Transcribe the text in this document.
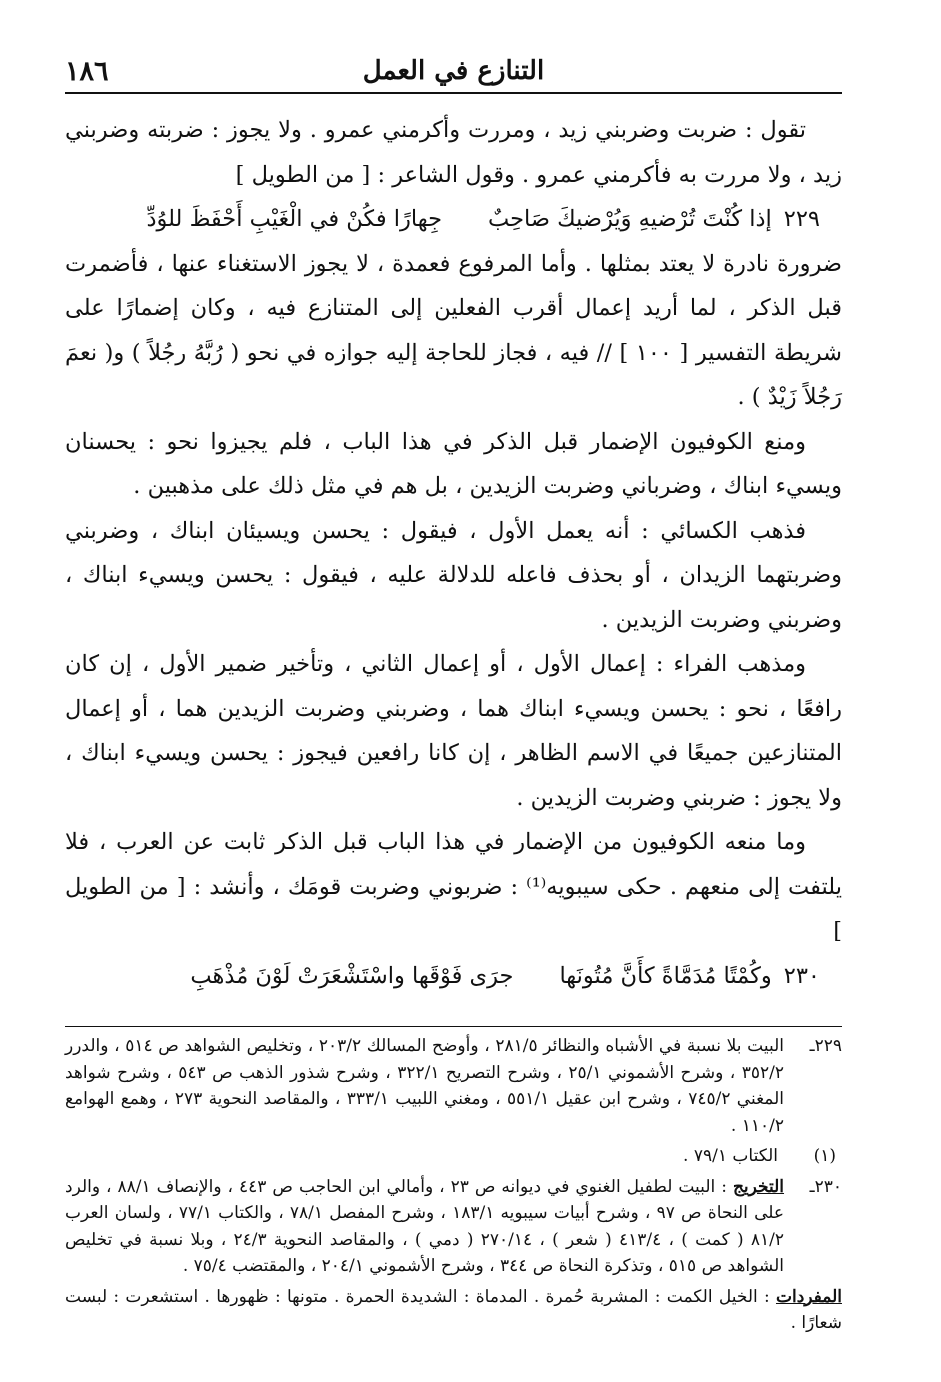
١٨٦	التنازع في العمل

تقول : ضربت وضربني زيد ، ومررت وأكرمني عمرو . ولا يجوز : ضربته وضربني زيد ، ولا مررت به فأكرمني عمرو . وقول الشاعر : [ من الطويل ]

٢٢٩
إذا كُنْتَ تُرْضيهِ وَيُرْضيكَ صَاحِبٌ
جِهارًا فكُنْ في الْغَيْبِ أَحْفَظَ للوُدِّ

ضرورة نادرة لا يعتد بمثلها . وأما المرفوع فعمدة ، لا يجوز الاستغناء عنها ، فأضمرت قبل الذكر ، لما أريد إعمال أقرب الفعلين إلى المتنازع فيه ، وكان إضمارًا على شريطة التفسير [ ١٠٠ ] // فيه ، فجاز للحاجة إليه جوازه في نحو ( رُبَّهُ رجُلاً ) و( نعمَ رَجُلاً زَيْدٌ ) .

ومنع الكوفيون الإضمار قبل الذكر في هذا الباب ، فلم يجيزوا نحو : يحسنان ويسيء ابناك ، وضرباني وضربت الزيدين ، بل هم في مثل ذلك على مذهبين .

فذهب الكسائي : أنه يعمل الأول ، فيقول : يحسن ويسيئان ابناك ، وضربني وضربتهما الزيدان ، أو بحذف فاعله للدلالة عليه ، فيقول : يحسن ويسيء ابناك ، وضربني وضربت الزيدين .

ومذهب الفراء : إعمال الأول ، أو إعمال الثاني ، وتأخير ضمير الأول ، إن كان رافعًا ، نحو : يحسن ويسيء ابناك هما ، وضربني وضربت الزيدين هما ، أو إعمال المتنازعين جميعًا في الاسم الظاهر ، إن كانا رافعين فيجوز : يحسن ويسيء ابناك ، ولا يجوز : ضربني وضربت الزيدين .

وما منعه الكوفيون من الإضمار في هذا الباب قبل الذكر ثابت عن العرب ، فلا يلتفت إلى منعهم . حكى سيبويه⁽¹⁾ : ضربوني وضربت قومَك ، وأنشد : [ من الطويل ]

٢٣٠
وكُمْتًا مُدَمَّاةً كأَنَّ مُتُونَها
جرَى فَوْقَها واسْتَشْعَرَتْ لَوْنَ مُذْهَبِ
٢٢٩ـ
البيت بلا نسبة في الأشباه والنظائر ٢٨١/٥ ، وأوضح المسالك ٢٠٣/٢ ، وتخليص الشواهد ص ٥١٤ ، والدرر ٣٥٢/٢ ، وشرح الأشموني ٢٥/١ ، وشرح التصريح ٣٢٢/١ ، وشرح شذور الذهب ص ٥٤٣ ، وشرح شواهد المغني ٧٤٥/٢ ، وشرح ابن عقيل ٥٥١/١ ، ومغني اللبيب ٣٣٣/١ ، والمقاصد النحوية ٢٧٣ ، وهمع الهوامع ١١٠/٢ .
(١)
الكتاب ٧٩/١ .
٢٣٠ـ
التخريج : البيت لطفيل الغنوي في ديوانه ص ٢٣ ، وأمالي ابن الحاجب ص ٤٤٣ ، والإنصاف ٨٨/١ ، والرد على النحاة ص ٩٧ ، وشرح أبيات سيبويه ١٨٣/١ ، وشرح المفصل ٧٨/١ ، والكتاب ٧٧/١ ، ولسان العرب ٨١/٢ ( كمت ) ، ٤١٣/٤ ( شعر ) ، ٢٧٠/١٤ ( دمي ) ، والمقاصد النحوية ٢٤/٣ ، وبلا نسبة في تخليص الشواهد ص ٥١٥ ، وتذكرة النحاة ص ٣٤٤ ، وشرح الأشموني ٢٠٤/١ ، والمقتضب ٧٥/٤ .
المفردات : الخيل الكمت : المشربة حُمرة . المدماة : الشديدة الحمرة . متونها : ظهورها . استشعرت : لبست شعارًا .
